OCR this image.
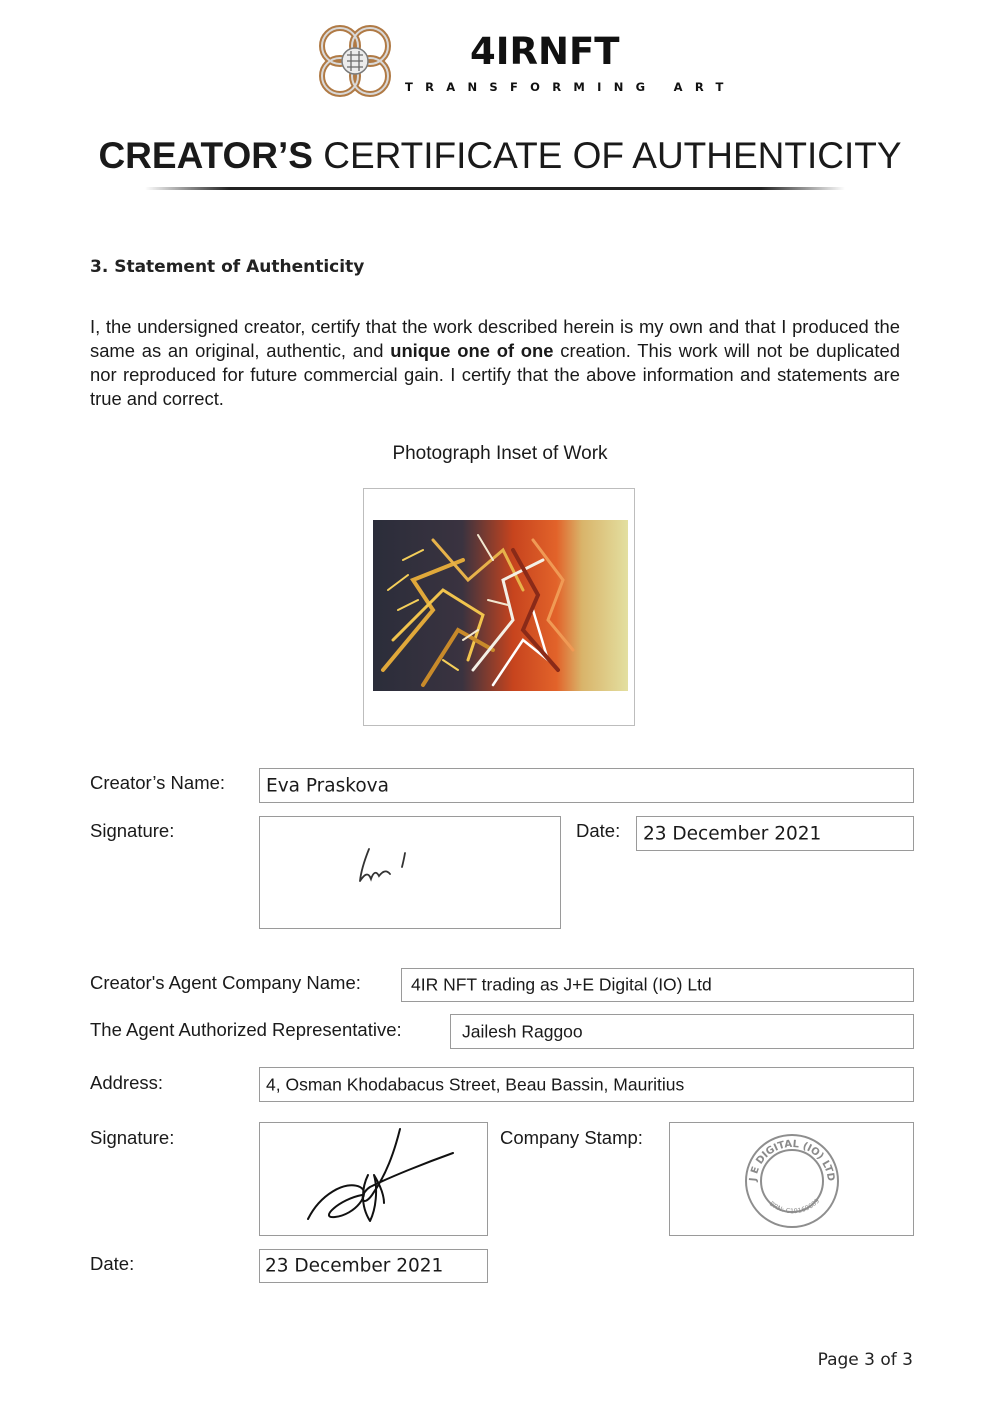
4IRNFT
TRANSFORMING ART
CREATOR’S CERTIFICATE OF AUTHENTICITY
3. Statement of Authenticity
I, the undersigned creator, certify that the work described herein is my own and that I produced the same as an original, authentic, and unique one of one creation. This work will not be duplicated nor reproduced for future commercial gain. I certify that the above information and statements are true and correct.
Photograph Inset of Work
Creator’s Name: Eva Praskova
Signature:	Date: 23 December 2021
Creator's Agent Company Name:	4IR NFT trading as J+E Digital (IO) Ltd
The Agent Authorized Representative:	Jailesh Raggoo
Address:	4, Osman Khodabacus Street, Beau Bassin, Mauritius
Signature:	Company Stamp:
J E DIGITAL (IO) LTD
BRN: C19169609
Date:	23 December 2021
Page 3 of 3
